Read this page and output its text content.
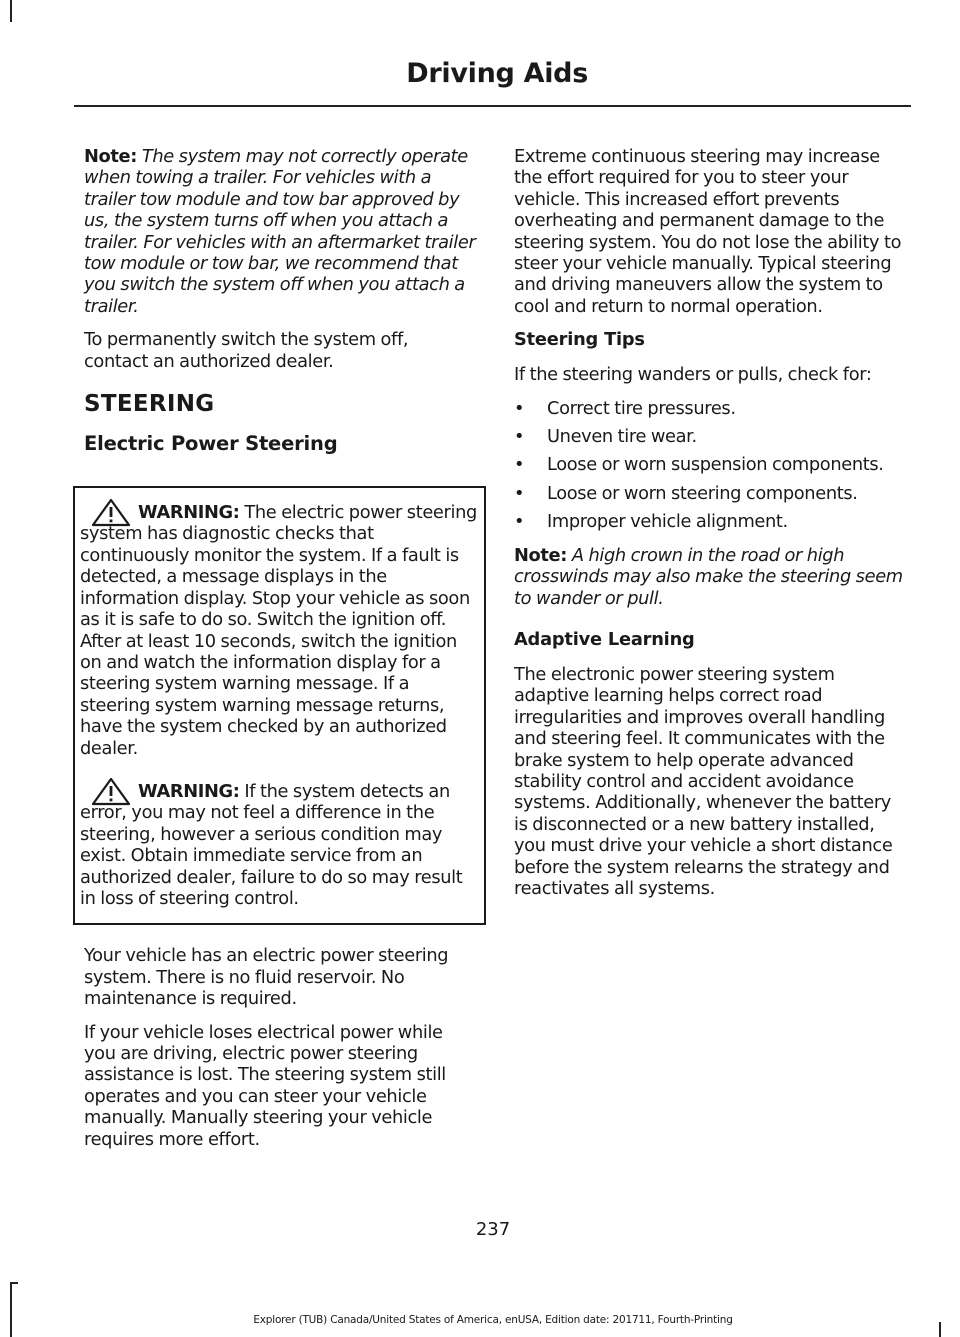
Driving Aids

Note: The system may not correctly operate when towing a trailer. For vehicles with a trailer tow module and tow bar approved by us, the system turns off when you attach a trailer. For vehicles with an aftermarket trailer tow module or tow bar, we recommend that you switch the system off when you attach a trailer.

To permanently switch the system off, contact an authorized dealer.

STEERING
Electric Power Steering

WARNING: The electric power steering system has diagnostic checks that continuously monitor the system. If a fault is detected, a message displays in the information display. Stop your vehicle as soon as it is safe to do so. Switch the ignition off. After at least 10 seconds, switch the ignition on and watch the information display for a steering system warning message. If a steering system warning message returns, have the system checked by an authorized dealer.

WARNING: If the system detects an error, you may not feel a difference in the steering, however a serious condition may exist. Obtain immediate service from an authorized dealer, failure to do so may result in loss of steering control.

Your vehicle has an electric power steering system. There is no fluid reservoir. No maintenance is required.

If your vehicle loses electrical power while you are driving, electric power steering assistance is lost. The steering system still operates and you can steer your vehicle manually. Manually steering your vehicle requires more effort.

Extreme continuous steering may increase the effort required for you to steer your vehicle. This increased effort prevents overheating and permanent damage to the steering system. You do not lose the ability to steer your vehicle manually. Typical steering and driving maneuvers allow the system to cool and return to normal operation.

Steering Tips

If the steering wanders or pulls, check for:

• Correct tire pressures.
• Uneven tire wear.
• Loose or worn suspension components.
• Loose or worn steering components.
• Improper vehicle alignment.

Note: A high crown in the road or high crosswinds may also make the steering seem to wander or pull.

Adaptive Learning

The electronic power steering system adaptive learning helps correct road irregularities and improves overall handling and steering feel. It communicates with the brake system to help operate advanced stability control and accident avoidance systems. Additionally, whenever the battery is disconnected or a new battery installed, you must drive your vehicle a short distance before the system relearns the strategy and reactivates all systems.

237
Explorer (TUB) Canada/United States of America, enUSA, Edition date: 201711, Fourth-Printing
